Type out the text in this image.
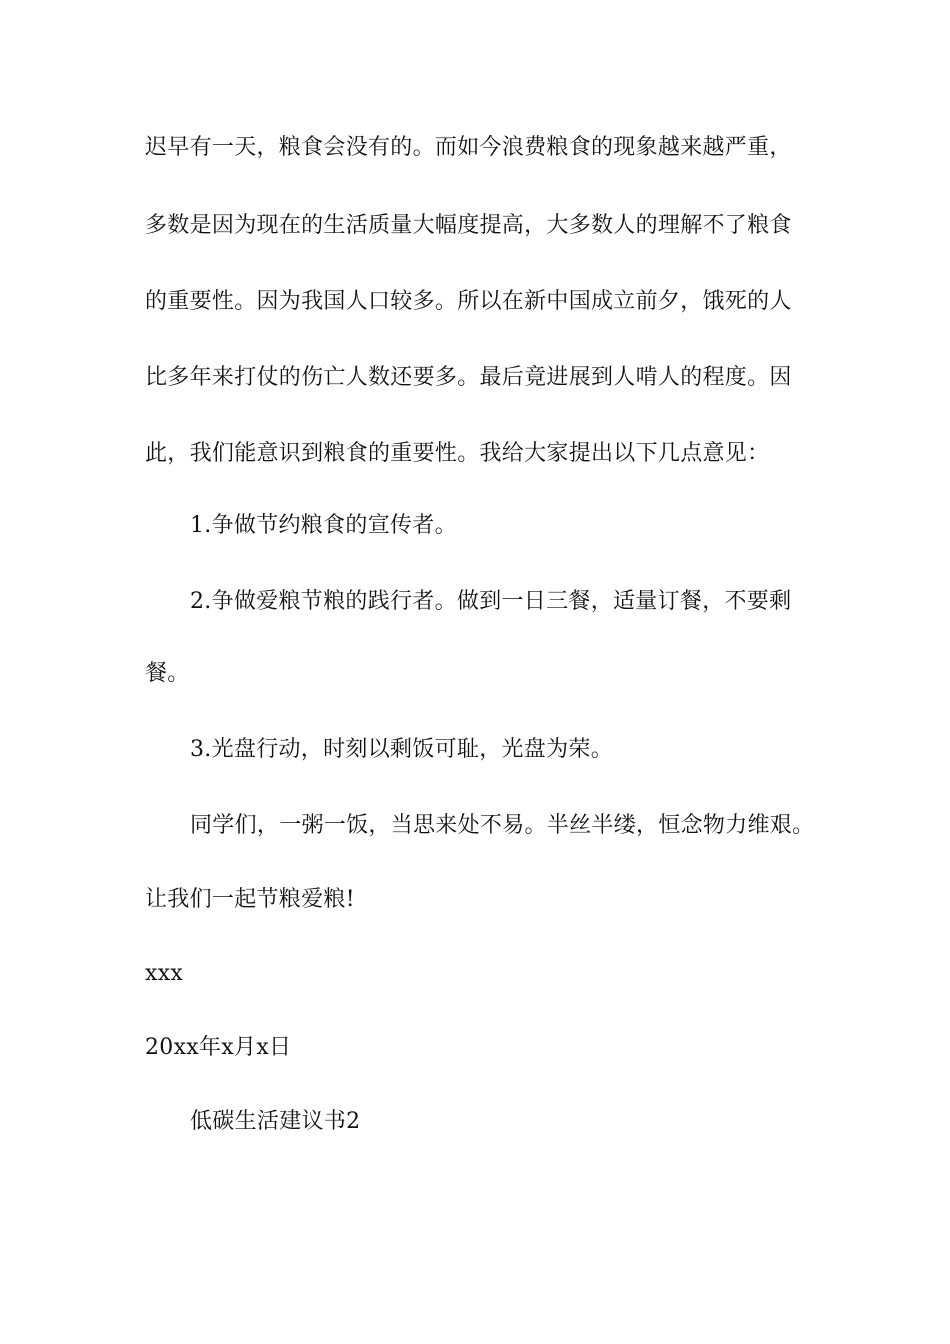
迟早有一天，粮食会没有的。而如今浪费粮食的现象越来越严重，
多数是因为现在的生活质量大幅度提高，大多数人的理解不了粮食
的重要性。因为我国人口较多。所以在新中国成立前夕，饿死的人
比多年来打仗的伤亡人数还要多。最后竟进展到人啃人的程度。因
此，我们能意识到粮食的重要性。我给大家提出以下几点意见：
1.争做节约粮食的宣传者。
2.争做爱粮节粮的践行者。做到一日三餐，适量订餐，不要剩
餐。
3.光盘行动，时刻以剩饭可耻，光盘为荣。
同学们，一粥一饭，当思来处不易。半丝半缕，恒念物力维艰。
让我们一起节粮爱粮!
xxx
20xx年x月x日
低碳生活建议书2
